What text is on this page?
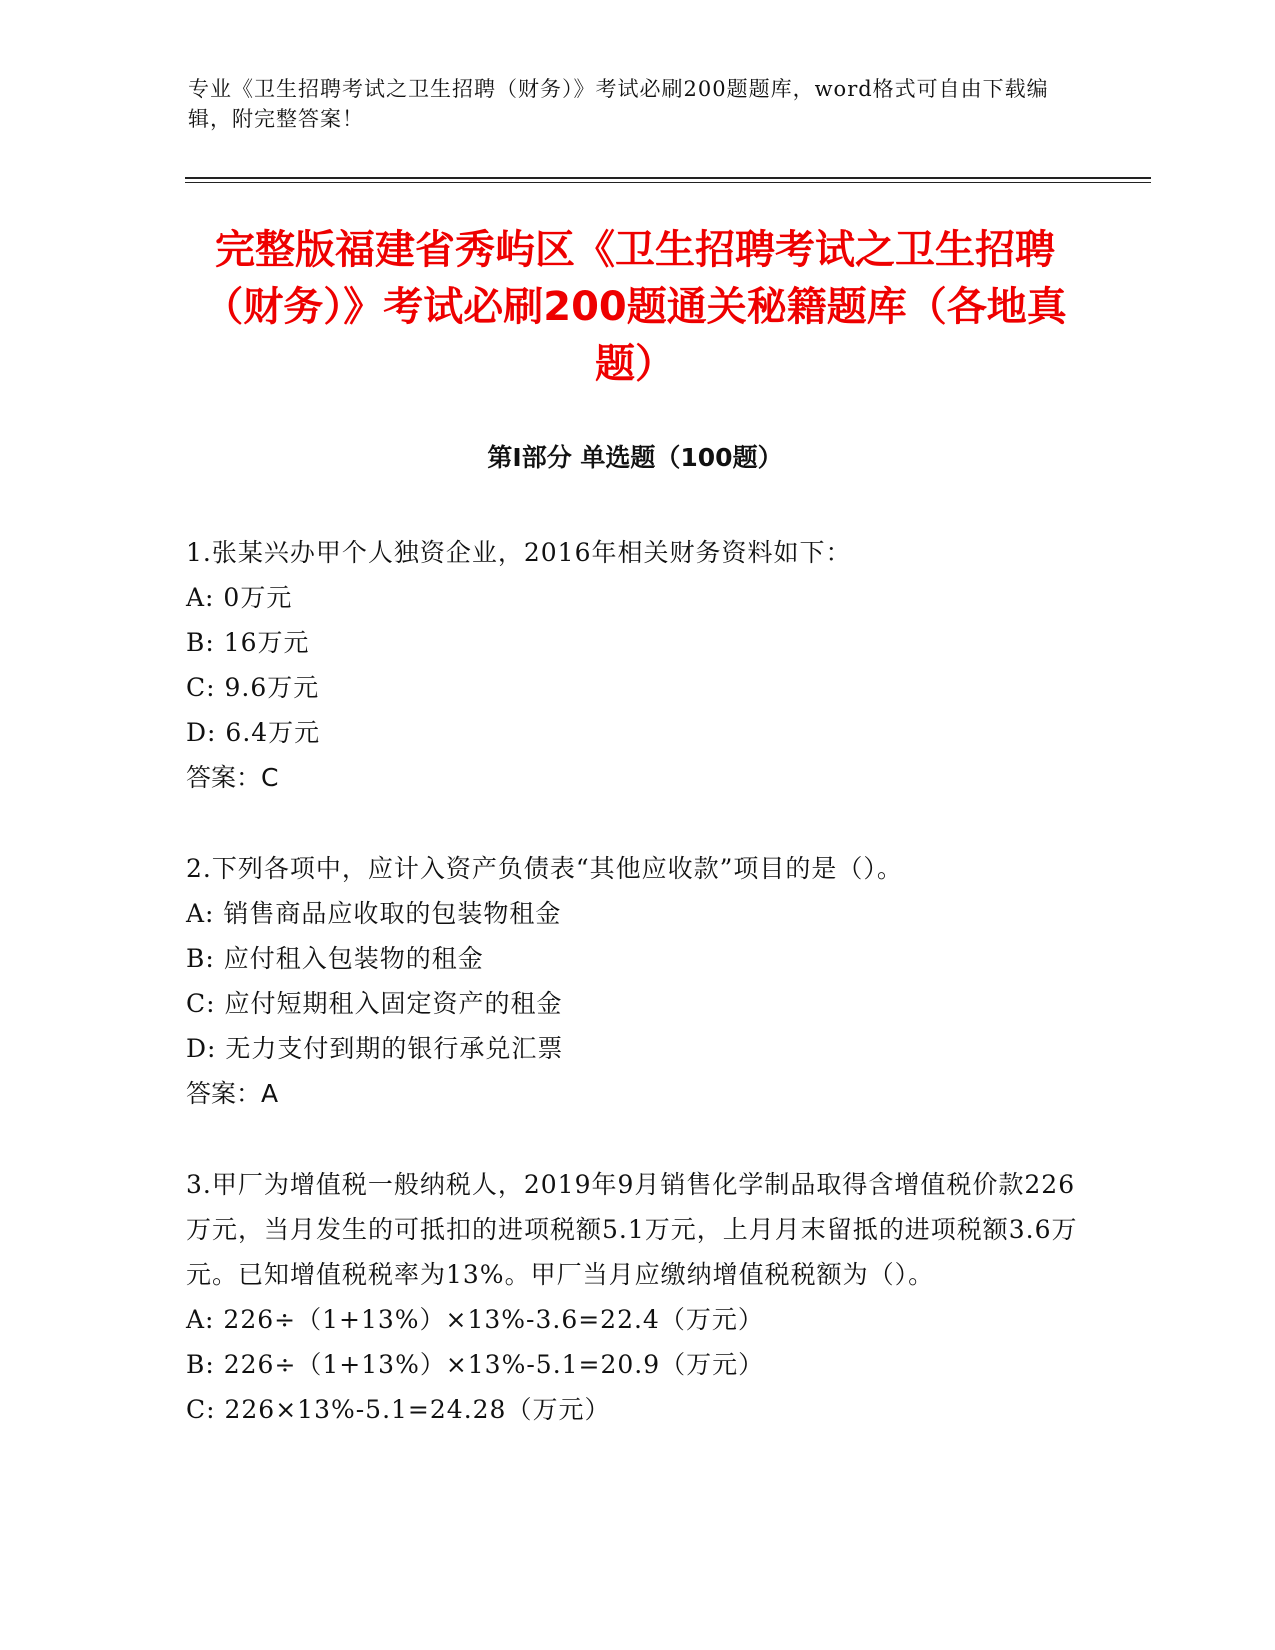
专业《卫生招聘考试之卫生招聘（财务）》考试必刷200题题库，word格式可自由下载编辑，附完整答案！
完整版福建省秀屿区《卫生招聘考试之卫生招聘（财务）》考试必刷200题通关秘籍题库（各地真题）
第Ⅰ部分 单选题（100题）

1.张某兴办甲个人独资企业，2016年相关财务资料如下：

A: 0万元

B: 16万元

C: 9.6万元

D: 6.4万元

答案：C

2.下列各项中，应计入资产负债表“其他应收款”项目的是（）。

A: 销售商品应收取的包装物租金

B: 应付租入包装物的租金

C: 应付短期租入固定资产的租金

D: 无力支付到期的银行承兑汇票

答案：A

3.甲厂为增值税一般纳税人，2019年9月销售化学制品取得含增值税价款226万元，当月发生的可抵扣的进项税额5.1万元，上月月末留抵的进项税额3.6万元。已知增值税税率为13%。甲厂当月应缴纳增值税税额为（）。

A: 226÷（1+13%）×13%-3.6=22.4（万元）

B: 226÷（1+13%）×13%-5.1=20.9（万元）

C: 226×13%-5.1=24.28（万元）
